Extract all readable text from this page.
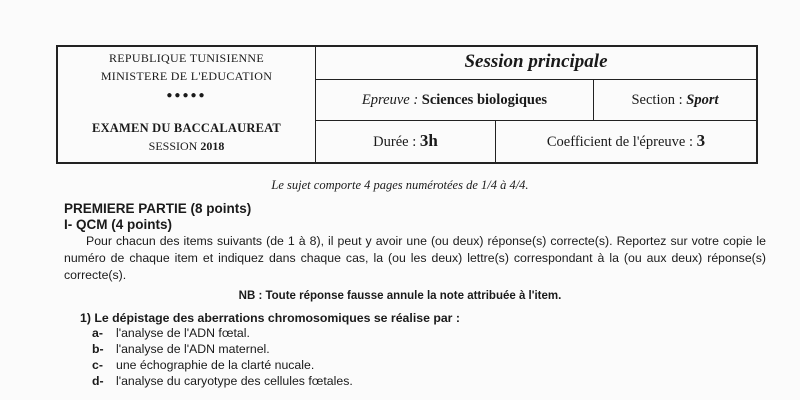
REPUBLIQUE TUNISIENNE
MINISTERE DE L'EDUCATION
●●●●●
EXAMEN DU BACCALAUREAT
SESSION 2018
Session principale
Epreuve : Sciences biologiques	Section : Sport
Durée : 3h	Coefficient de l'épreuve : 3
Le sujet comporte 4 pages numérotées de 1/4 à 4/4.
PREMIERE PARTIE (8 points)
I- QCM (4 points)
Pour chacun des items suivants (de 1 à 8), il peut y avoir une (ou deux) réponse(s) correcte(s). Reportez sur votre copie le numéro de chaque item et indiquez dans chaque cas, la (ou les deux) lettre(s) correspondant à la (ou aux deux) réponse(s) correcte(s).
NB : Toute réponse fausse annule la note attribuée à l'item.
1) Le dépistage des aberrations chromosomiques se réalise par :
a- l'analyse de l'ADN fœtal.
b- l'analyse de l'ADN maternel.
c- une échographie de la clarté nucale.
d- l'analyse du caryotype des cellules fœtales.
